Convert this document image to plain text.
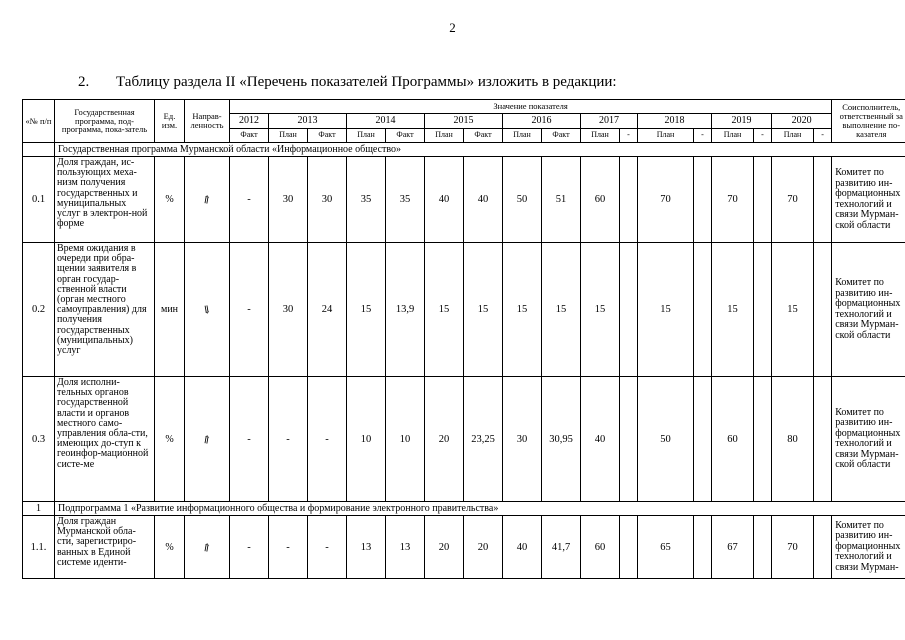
2
2. Таблицу раздела II «Перечень показателей Программы» изложить в редакции:
«№ п/п	Государственная программа, под-программа, пока-затель	Ед. изм.	Направ-ленность	Значение показателя																	Соисполнитель, ответственный за выполнение по-казателя
				2012	2013		2014		2015		2016		2017		2018		2019		2020		
				Факт	План	Факт	План	Факт	План	Факт	План	Факт	План	-	План	-	План	-	План	-	
	Государственная программа Мурманской области «Информационное общество»																				
0.1	Доля граждан, ис-пользующих меха-низм получения государственных и муниципальных услуг в электрон-ной форме	%	⇗	-	30	30	35	35	40	40	50	51	60		70		70		70		Комитет по развитию ин-формационных технологий и связи Мурман-ской области
0.2	Время ожидания в очереди при обра-щении заявителя в орган государ-ственной власти (орган местного самоуправления) для получения государственных (муниципальных) услуг	мин	⇘	-	30	24	15	13,9	15	15	15	15	15		15		15		15		Комитет по развитию ин-формационных технологий и связи Мурман-ской области
0.3	Доля исполни-тельных органов государственной власти и органов местного само-управления обла-сти, имеющих до-ступ к геоинфор-мационной систе-ме	%	⇗	-	-	-	10	10	20	23,25	30	30,95	40		50		60		80		Комитет по развитию ин-формационных технологий и связи Мурман-ской области
1	Подпрограмма 1 «Развитие информационного общества и формирование электронного правительства»																				
1.1.	Доля граждан Мурманской обла-сти, зарегистриро-ванных в Единой системе иденти-	%	⇗	-	-	-	13	13	20	20	40	41,7	60		65		67		70		Комитет по развитию ин-формационных технологий и связи Мурман-
